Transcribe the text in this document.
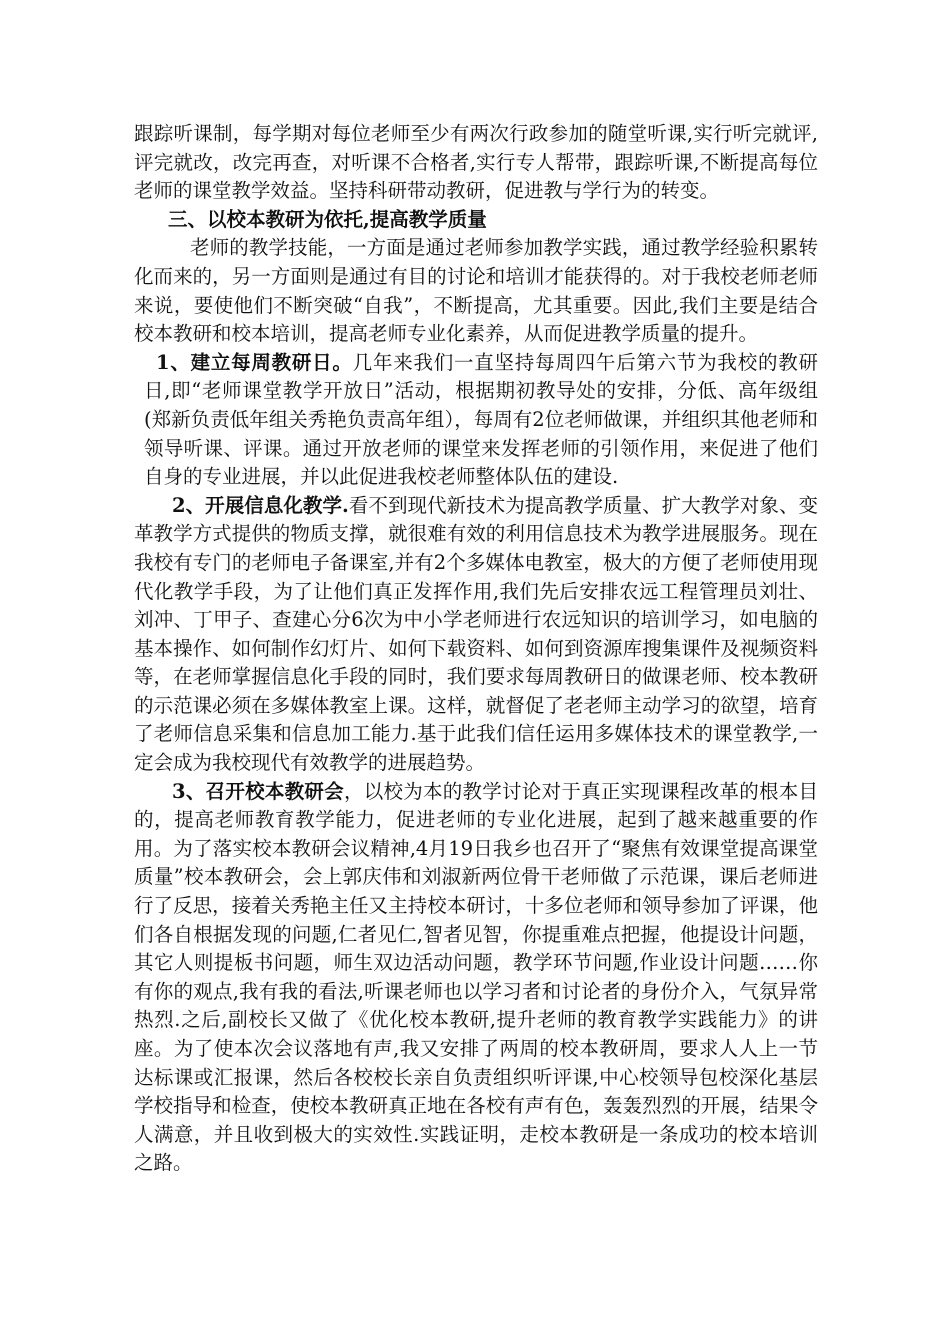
跟踪听课制，每学期对每位老师至少有两次行政参加的随堂听课,实行听完就评,评完就改，改完再查，对听课不合格者,实行专人帮带，跟踪听课,不断提高每位老师的课堂教学效益。坚持科研带动教研，促进教与学行为的转变。

三、以校本教研为依托,提高教学质量

老师的教学技能，一方面是通过老师参加教学实践，通过教学经验积累转化而来的，另一方面则是通过有目的讨论和培训才能获得的。对于我校老师老师来说，要使他们不断突破“自我”，不断提高，尤其重要。因此,我们主要是结合校本教研和校本培训，提高老师专业化素养，从而促进教学质量的提升。

1、建立每周教研日。几年来我们一直坚持每周四午后第六节为我校的教研日,即“老师课堂教学开放日”活动，根据期初教导处的安排，分低、高年级组(郑新负责低年组关秀艳负责高年组），每周有2位老师做课，并组织其他老师和领导听课、评课。通过开放老师的课堂来发挥老师的引领作用，来促进了他们自身的专业进展，并以此促进我校老师整体队伍的建设.

2、开展信息化教学.看不到现代新技术为提高教学质量、扩大教学对象、变革教学方式提供的物质支撑，就很难有效的利用信息技术为教学进展服务。现在我校有专门的老师电子备课室,并有2个多媒体电教室，极大的方便了老师使用现代化教学手段，为了让他们真正发挥作用,我们先后安排农远工程管理员刘壮、刘冲、丁甲子、查建心分6次为中小学老师进行农远知识的培训学习，如电脑的基本操作、如何制作幻灯片、如何下载资料、如何到资源库搜集课件及视频资料等，在老师掌握信息化手段的同时，我们要求每周教研日的做课老师、校本教研的示范课必须在多媒体教室上课。这样，就督促了老老师主动学习的欲望，培育了老师信息采集和信息加工能力.基于此我们信任运用多媒体技术的课堂教学,一定会成为我校现代有效教学的进展趋势。

3、召开校本教研会，以校为本的教学讨论对于真正实现课程改革的根本目的，提高老师教育教学能力，促进老师的专业化进展，起到了越来越重要的作用。为了落实校本教研会议精神,4月19日我乡也召开了“聚焦有效课堂提高课堂质量”校本教研会，会上郭庆伟和刘淑新两位骨干老师做了示范课，课后老师进行了反思，接着关秀艳主任又主持校本研讨，十多位老师和领导参加了评课，他们各自根据发现的问题,仁者见仁,智者见智，你提重难点把握，他提设计问题，其它人则提板书问题，师生双边活动问题，教学环节问题,作业设计问题……你有你的观点,我有我的看法,听课老师也以学习者和讨论者的身份介入，气氛异常热烈.之后,副校长又做了《优化校本教研,提升老师的教育教学实践能力》的讲座。为了使本次会议落地有声,我又安排了两周的校本教研周，要求人人上一节达标课或汇报课，然后各校校长亲自负责组织听评课,中心校领导包校深化基层学校指导和检查，使校本教研真正地在各校有声有色，轰轰烈烈的开展，结果令人满意，并且收到极大的实效性.实践证明，走校本教研是一条成功的校本培训之路。
